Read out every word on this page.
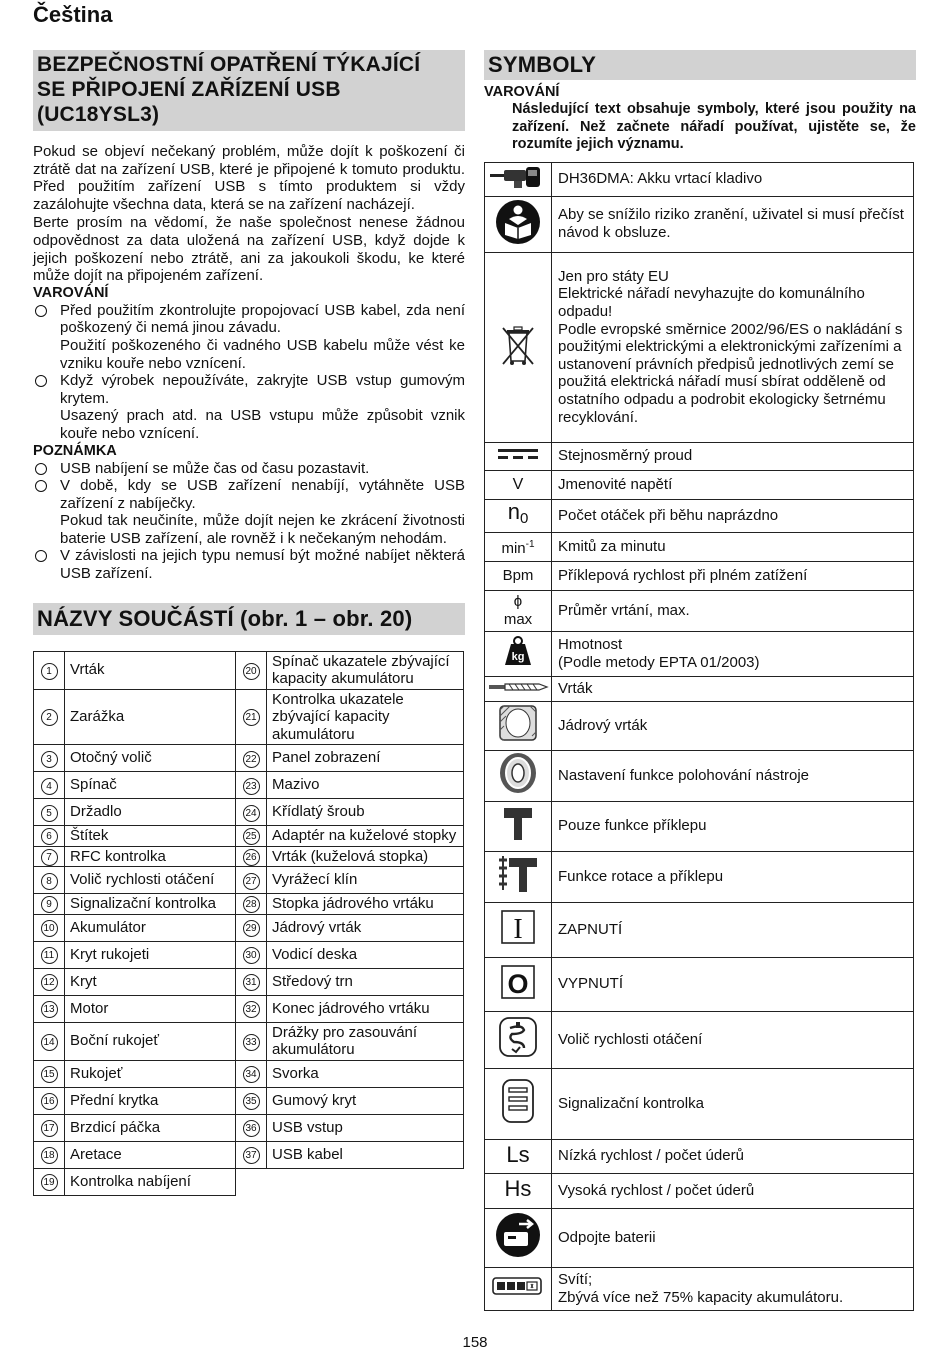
Čeština
BEZPEČNOSTNÍ OPATŘENÍ TÝKAJÍCÍ
SE PŘIPOJENÍ ZAŘÍZENÍ USB
(UC18YSL3)

Pokud se objeví nečekaný problém, může dojít k poškození či ztrátě dat na zařízení USB, které je připojené k tomuto produktu. Před použitím zařízení USB s tímto produktem si vždy zazálohujte všechna data, která se na zařízení nacházejí.

Berte prosím na vědomí, že naše společnost nenese žádnou odpovědnost za data uložená na zařízení USB, když dojde k jejich poškození nebo ztrátě, ani za jakoukoli škodu, ke které může dojít na připojeném zařízení.

VAROVÁNÍ

Před použitím zkontrolujte propojovací USB kabel, zda není poškozený či nemá jinou závadu.
Použití poškozeného či vadného USB kabelu může vést ke vzniku kouře nebo vznícení.
Když výrobek nepoužíváte, zakryjte USB vstup gumovým krytem.
Usazený prach atd. na USB vstupu může způsobit vznik kouře nebo vznícení.

POZNÁMKA

USB nabíjení se může čas od času pozastavit.
V době, kdy se USB zařízení nenabíjí, vytáhněte USB zařízení z nabíječky.
Pokud tak neučiníte, může dojít nejen ke zkrácení životnosti baterie USB zařízení, ale rovněž i k nečekaným nehodám.
V závislosti na jejich typu nemusí být možné nabíjet některá USB zařízení.
NÁZVY SOUČÁSTÍ (obr. 1 – obr. 20)
1	Vrták	20	Spínač ukazatele zbývající kapacity akumulátoru
2	Zarážka	21	Kontrolka ukazatele zbývající kapacity akumulátoru
3	Otočný volič	22	Panel zobrazení
4	Spínač	23	Mazivo
5	Držadlo	24	Křídlatý šroub
6	Štítek	25	Adaptér na kuželové stopky
7	RFC kontrolka	26	Vrták (kuželová stopka)
8	Volič rychlosti otáčení	27	Vyrážecí klín
9	Signalizační kontrolka	28	Stopka jádrového vrtáku
10	Akumulátor	29	Jádrový vrták
11	Kryt rukojeti	30	Vodicí deska
12	Kryt	31	Středový trn
13	Motor	32	Konec jádrového vrtáku
14	Boční rukojeť	33	Drážky pro zasouvání akumulátoru
15	Rukojeť	34	Svorka
16	Přední krytka	35	Gumový kryt
17	Brzdicí páčka	36	USB vstup
18	Aretace	37	USB kabel
19	Kontrolka nabíjení		
SYMBOLY

VAROVÁNÍ

Následující text obsahuje symboly, které jsou použity na zařízení. Než začnete nářadí používat, ujistěte se, že rozumíte jejich významu.

	DH36DMA: Akku vrtací kladivo

	Aby se snížilo riziko zranění, uživatel si musí přečíst návod k obsluze.

	Jen pro státy EU
Elektrické nářadí nevyhazujte do komunálního odpadu!
Podle evropské směrnice 2002/96/ES o nakládání s použitými elektrickými a elektronickými zařízeními a ustanovení právních předpisů jednotlivých zemí se použitá elektrická nářadí musí sbírat odděleně od ostatního odpadu a podrobit ekologicky šetrnému recyklování.

	Stejnosměrný proud
V	Jmenovité napětí
$n_0$	Počet otáček při běhu naprázdno
$\min^{-1}$	Kmitů za minutu
Bpm	Příklepová rychlost při plném zatížení
ϕ
max	Průměr vrtání, max.

kg	Hmotnost
(Podle metody EPTA 01/2003)

	Vrták

	Jádrový vrták

	Nastavení funkce polohování nástroje

	Pouze funkce příklepu

	Funkce rotace a příklepu

I	ZAPNUTÍ

O	VYPNUTÍ

	Volič rychlosti otáčení

	Signalizační kontrolka
Ls	Nízká rychlost / počet úderů
Hs	Vysoká rychlost / počet úderů

	Odpojte baterii

	Svítí;
Zbývá více než 75% kapacity akumulátoru.
158
